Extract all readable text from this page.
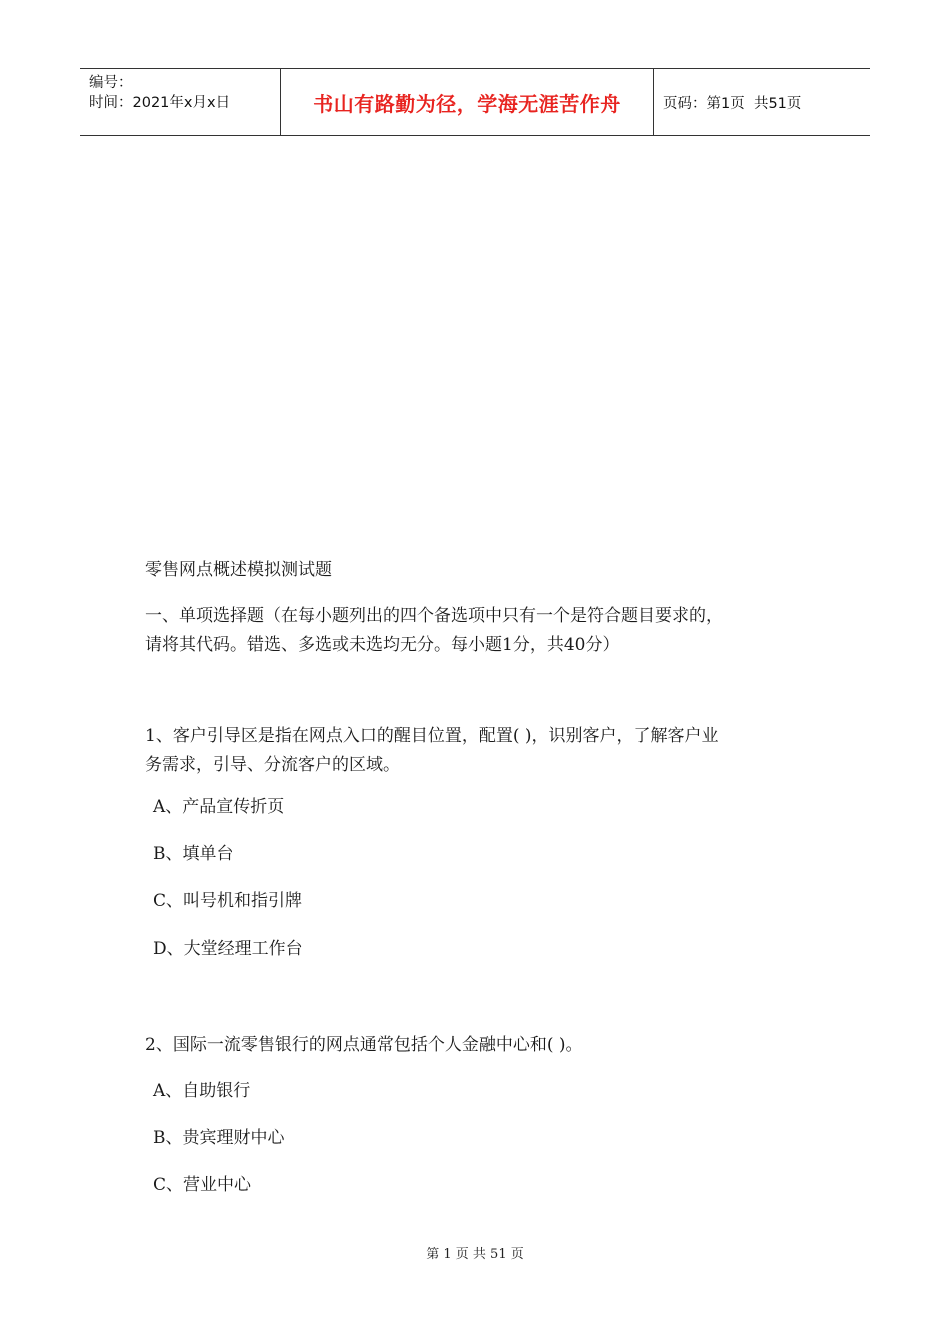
编号：
时间：2021年x月x日	书山有路勤为径，学海无涯苦作舟	页码：第1页  共51页
零售网点概述模拟测试题
一、单项选择题（在每小题列出的四个备选项中只有一个是符合题目要求的，
请将其代码。错选、多选或未选均无分。每小题1分，共40分）
1、客户引导区是指在网点入口的醒目位置，配置( )，识别客户，了解客户业
务需求，引导、分流客户的区域。
A、产品宣传折页
B、填单台
C、叫号机和指引牌
D、大堂经理工作台
2、国际一流零售银行的网点通常包括个人金融中心和( )。
A、自助银行
B、贵宾理财中心
C、营业中心
第 1 页 共 51 页
